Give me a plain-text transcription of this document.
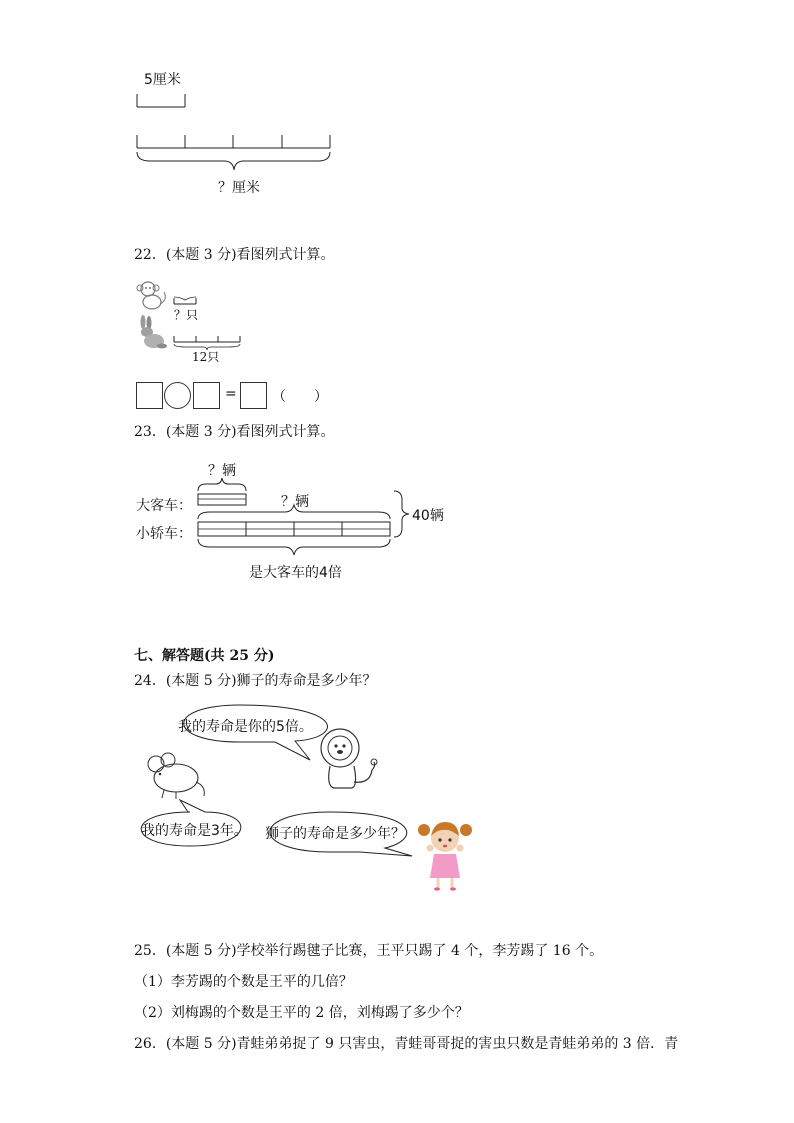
5厘米
？厘米
22．(本题 3 分)看图列式计算。
？只
12只
=	（　　）
23．(本题 3 分)看图列式计算。
？辆
？辆
大客车：
小轿车：
40辆
是大客车的4倍
七、解答题(共 25 分)
24．(本题 5 分)狮子的寿命是多少年？
我的寿命是你的5倍。
我的寿命是3年。 狮子的寿命是多少年？
25．(本题 5 分)学校举行踢毽子比赛，王平只踢了 4 个，李芳踢了 16 个。
（1）李芳踢的个数是王平的几倍？
（2）刘梅踢的个数是王平的 2 倍，刘梅踢了多少个？
26．(本题 5 分)青蛙弟弟捉了 9 只害虫，青蛙哥哥捉的害虫只数是青蛙弟弟的 3 倍．青
